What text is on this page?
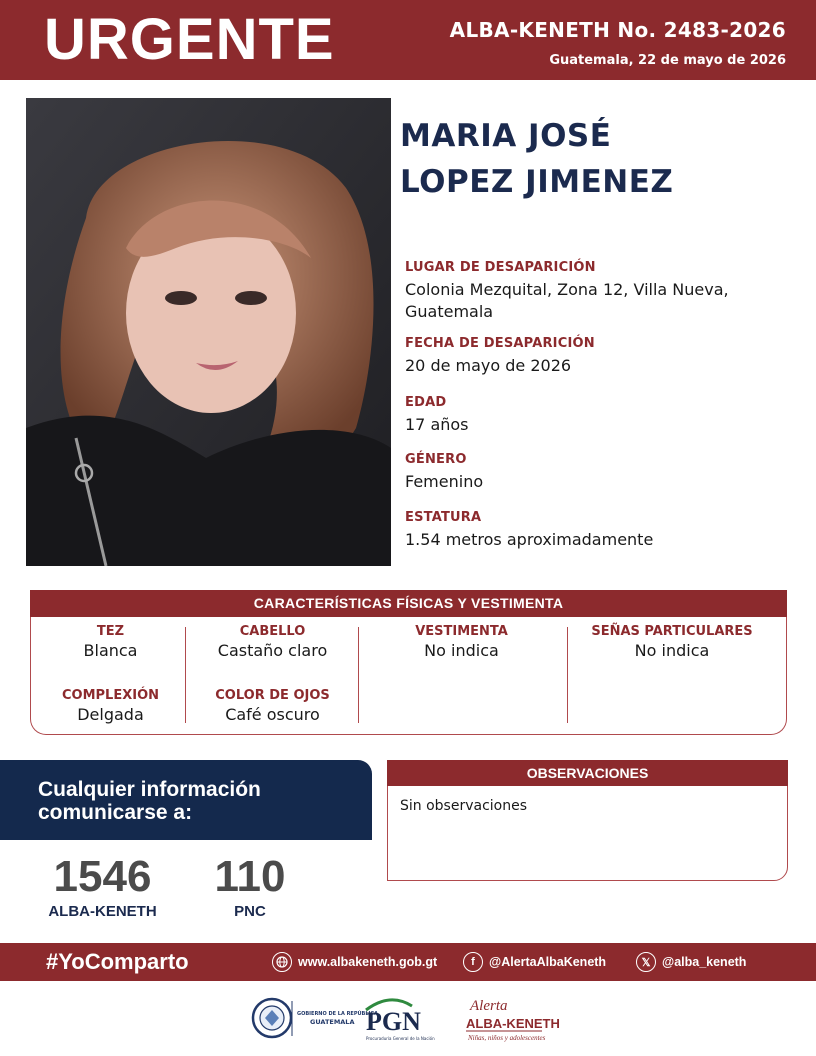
URGENTE	ALBA-KENETH No. 2483-2026
Guatemala, 22 de mayo de 2026
MARIA JOSÉ
LOPEZ JIMENEZ
LUGAR DE DESAPARICIÓN
Colonia Mezquital, Zona 12, Villa Nueva, Guatemala
FECHA DE DESAPARICIÓN
20 de mayo de 2026
EDAD
17 años
GÉNERO
Femenino
ESTATURA
1.54 metros aproximadamente
CARACTERÍSTICAS FÍSICAS Y VESTIMENTA
TEZ
Blanca
CABELLO
Castaño claro
VESTIMENTA
No indica
SEÑAS PARTICULARES
No indica
COMPLEXIÓN
Delgada
COLOR DE OJOS
Café oscuro
Cualquier información
comunicarse a:
1546
ALBA-KENETH
110
PNC
OBSERVACIONES
Sin observaciones
#YoComparto	www.albakeneth.gob.gt	f	@AlertaAlbaKeneth	𝕏 @alba_keneth
GOBIERNO DE LA REPÚBLICA
GUATEMALA PGN
Procuraduría General de la Nación
Alerta
ALBA-KENETH
Niñas, niños y adolescentes
